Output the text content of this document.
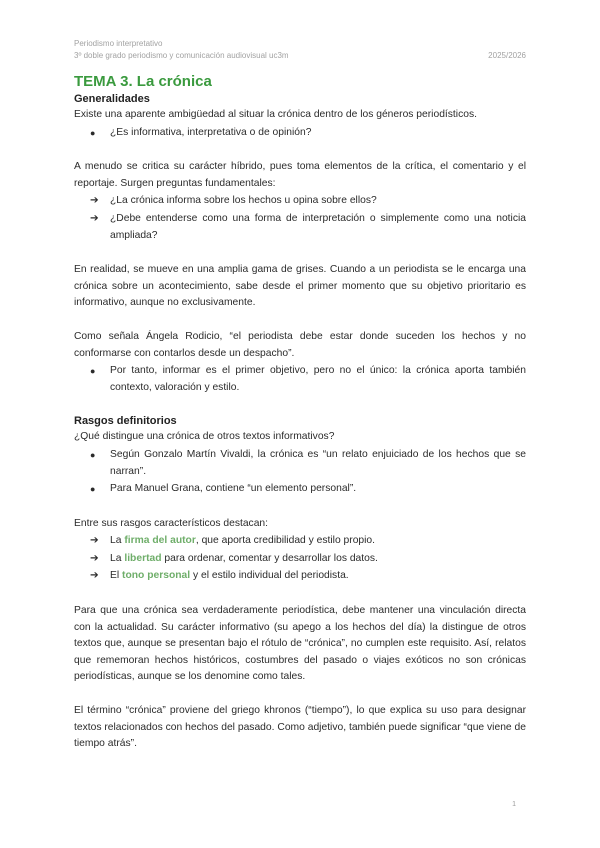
Periodismo interpretativo
3º doble grado periodismo y comunicación audiovisual uc3m	2025/2026
TEMA 3. La crónica
Generalidades

Existe una aparente ambigüedad al situar la crónica dentro de los géneros periodísticos.

● ¿Es informativa, interpretativa o de opinión?

A menudo se critica su carácter híbrido, pues toma elementos de la crítica, el comentario y el reportaje. Surgen preguntas fundamentales:

➔ ¿La crónica informa sobre los hechos u opina sobre ellos?
➔ ¿Debe entenderse como una forma de interpretación o simplemente como una noticia ampliada?

En realidad, se mueve en una amplia gama de grises. Cuando a un periodista se le encarga una crónica sobre un acontecimiento, sabe desde el primer momento que su objetivo prioritario es informativo, aunque no exclusivamente.

Como señala Ángela Rodicio, “el periodista debe estar donde suceden los hechos y no conformarse con contarlos desde un despacho”.

● Por tanto, informar es el primer objetivo, pero no el único: la crónica aporta también contexto, valoración y estilo.
Rasgos definitorios

¿Qué distingue una crónica de otros textos informativos?

● Según Gonzalo Martín Vivaldi, la crónica es “un relato enjuiciado de los hechos que se narran”.
● Para Manuel Grana, contiene “un elemento personal”.

Entre sus rasgos característicos destacan:

➔ La firma del autor, que aporta credibilidad y estilo propio.
➔ La libertad para ordenar, comentar y desarrollar los datos.
➔ El tono personal y el estilo individual del periodista.

Para que una crónica sea verdaderamente periodística, debe mantener una vinculación directa con la actualidad. Su carácter informativo (su apego a los hechos del día) la distingue de otros textos que, aunque se presentan bajo el rótulo de “crónica”, no cumplen este requisito. Así, relatos que rememoran hechos históricos, costumbres del pasado o viajes exóticos no son crónicas periodísticas, aunque se los denomine como tales.

El término “crónica” proviene del griego khronos (“tiempo”), lo que explica su uso para designar textos relacionados con hechos del pasado. Como adjetivo, también puede significar “que viene de tiempo atrás”.

1
